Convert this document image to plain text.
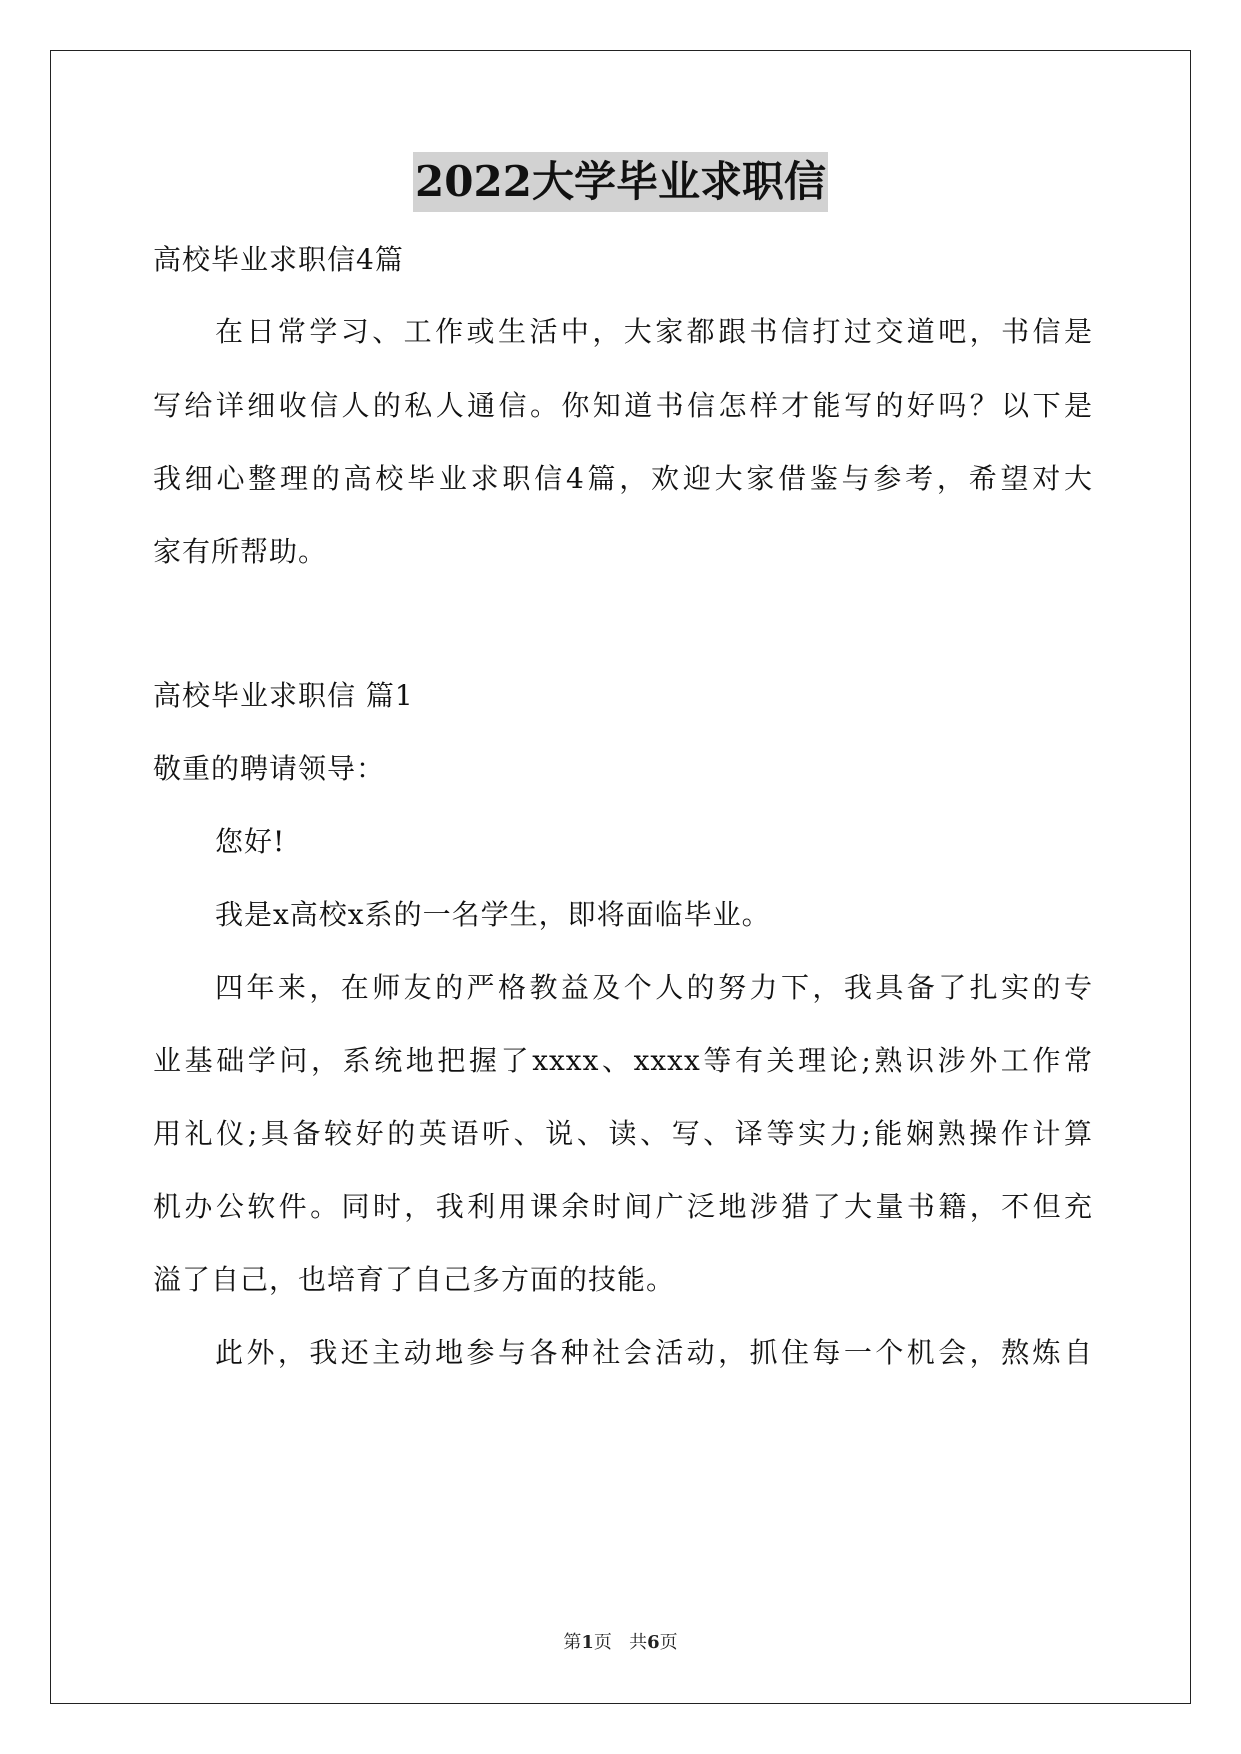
2022大学毕业求职信
高校毕业求职信4篇
在日常学习、工作或生活中，大家都跟书信打过交道吧，书信是
写给详细收信人的私人通信。你知道书信怎样才能写的好吗？以下是
我细心整理的高校毕业求职信4篇，欢迎大家借鉴与参考，希望对大
家有所帮助。
高校毕业求职信 篇1
敬重的聘请领导：
您好!
我是x高校x系的一名学生，即将面临毕业。
四年来，在师友的严格教益及个人的努力下，我具备了扎实的专
业基础学问，系统地把握了xxxx、xxxx等有关理论;熟识涉外工作常
用礼仪;具备较好的英语听、说、读、写、译等实力;能娴熟操作计算
机办公软件。同时，我利用课余时间广泛地涉猎了大量书籍，不但充
溢了自己，也培育了自己多方面的技能。
此外，我还主动地参与各种社会活动，抓住每一个机会，熬炼自
第1页 共6页
